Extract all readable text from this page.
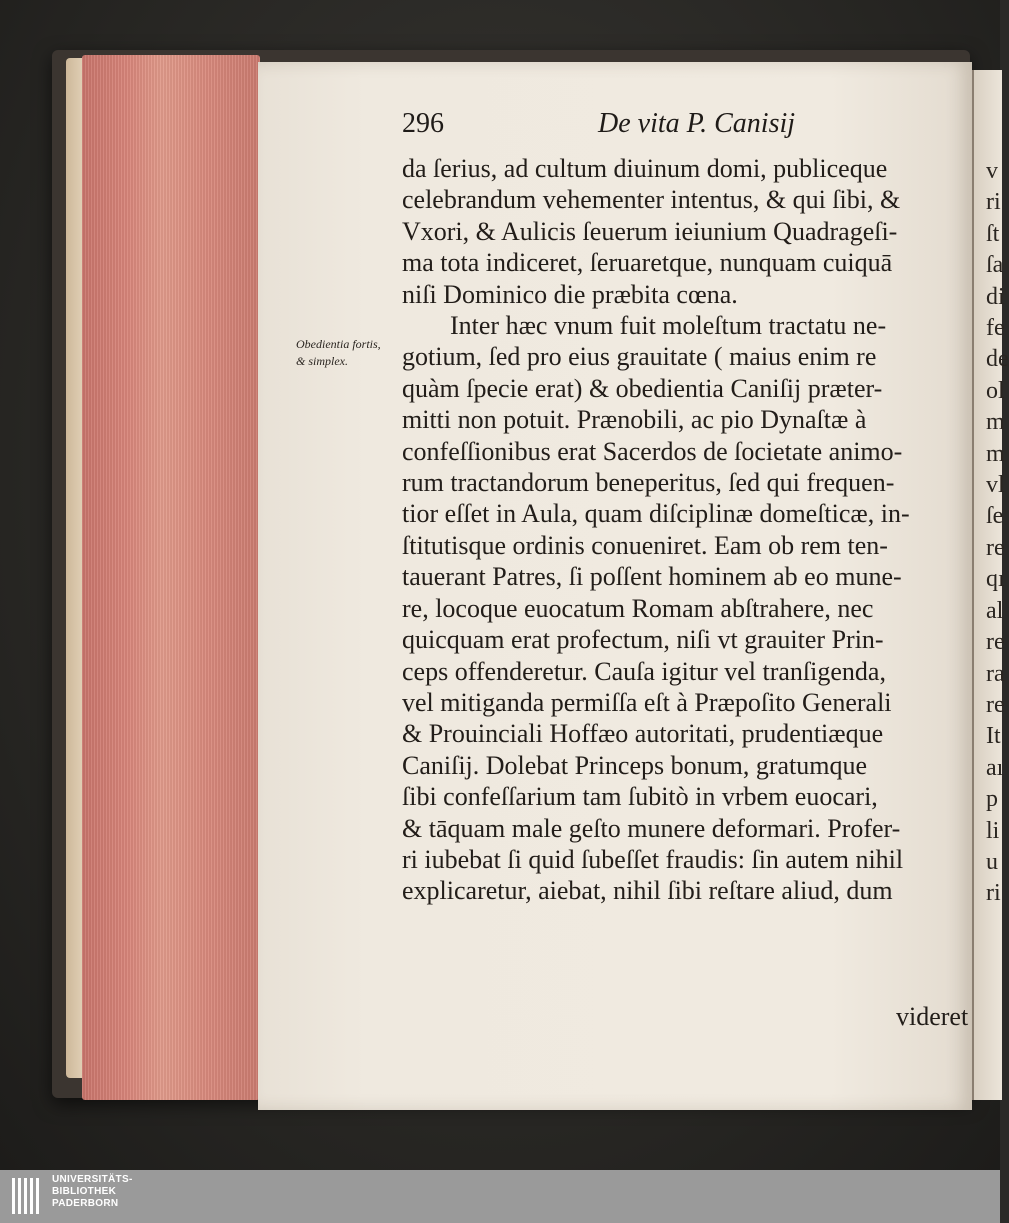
v
ri
ſt
ſa
di
fe
de
ol
m
m
vl
ſe
re
qı
al
re
ra
re
It
aı
p
li
u
ri
296	De vita P. Canisij
Obedientia fortis, & simplex.
da ſerius, ad cultum diuinum domi, publiceque
celebrandum vehementer intentus, & qui ſibi, &
Vxori, & Aulicis ſeuerum ieiunium Quadrageſi-
ma tota indiceret, ſeruaretque, nunquam cuiquā
niſi Dominico die præbita cœna.
Inter hæc vnum fuit moleſtum tractatu ne-
gotium, ſed pro eius grauitate ( maius enim re
quàm ſpecie erat) & obedientia Caniſij præter-
mitti non potuit. Prænobili, ac pio Dynaſtæ à
confeſſionibus erat Sacerdos de ſocietate animo-
rum tractandorum beneperitus, ſed qui frequen-
tior eſſet in Aula, quam diſciplinæ domeſticæ, in-
ſtitutisque ordinis conueniret. Eam ob rem ten-
tauerant Patres, ſi poſſent hominem ab eo mune-
re, locoque euocatum Romam abſtrahere, nec
quicquam erat profectum, niſi vt grauiter Prin-
ceps offenderetur. Cauſa igitur vel tranſigenda,
vel mitiganda permiſſa eſt à Præpoſito Generali
& Prouinciali Hoffæo autoritati, prudentiæque
Caniſij. Dolebat Princeps bonum, gratumque
ſibi confeſſarium tam ſubitò in vrbem euocari,
& tāquam male geſto munere deformari. Profer-
ri iubebat ſi quid ſubeſſet fraudis: ſin autem nihil
explicaretur, aiebat, nihil ſibi reſtare aliud, dum
videret
UNIVERSITÄTS-
BIBLIOTHEK
PADERBORN
